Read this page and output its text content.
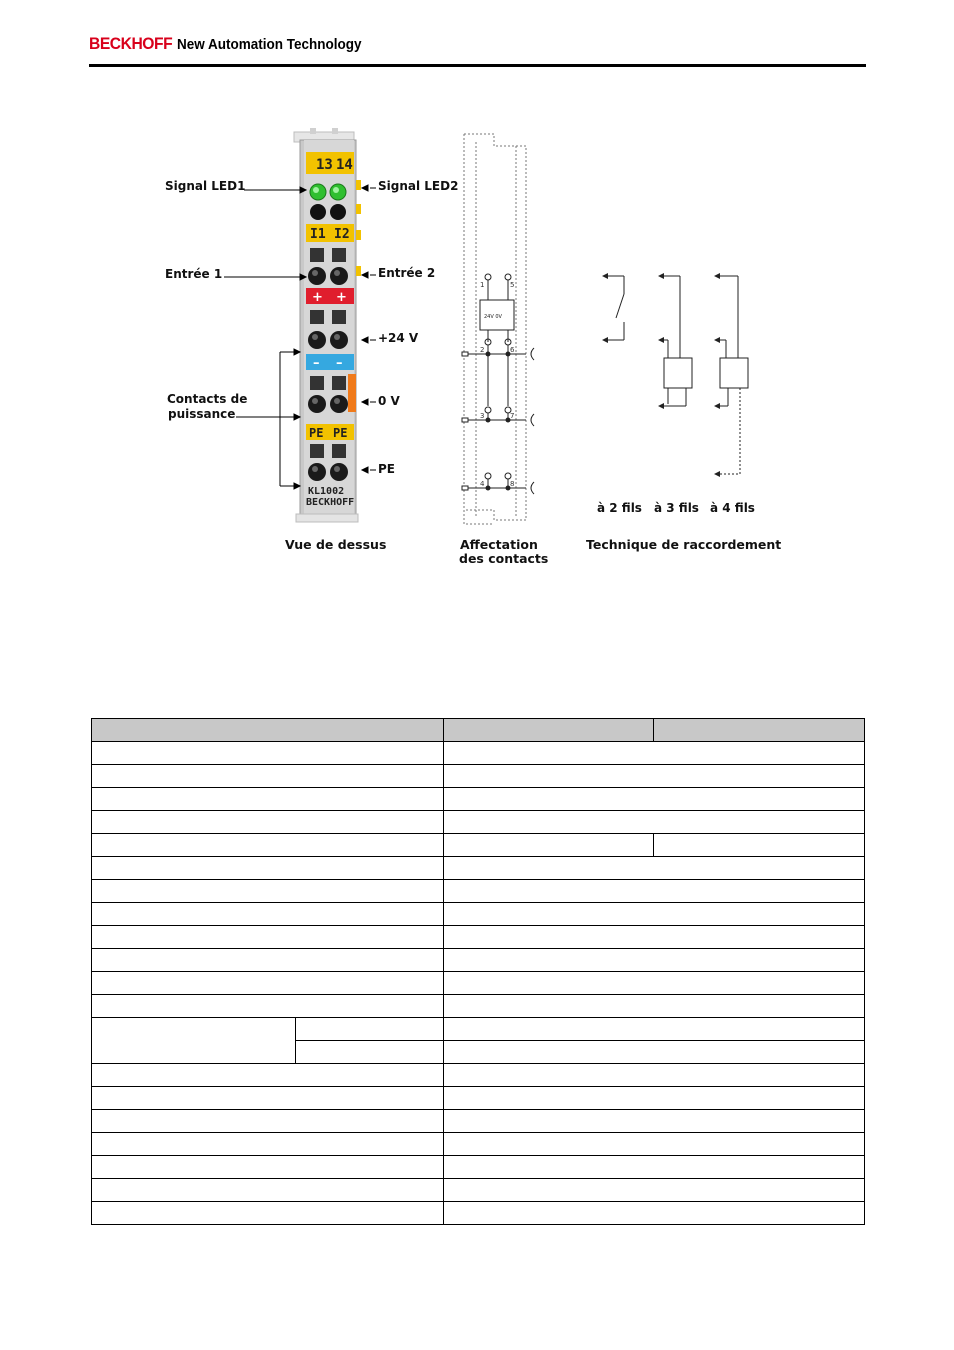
BECKHOFF New Automation Technology
13 14
I1 I2
+ +
– –
PE PE
KL1002
BECKHOFF
24V 0V
1	5
2	6
3	7
4	8
Signal LED1	Signal LED2
Entrée 1	Entrée 2
+24 V
0 V
PE
Contacts de
puissance
à 2 fils à 3 fils à 4 fils
Vue de dessus	Affectation
des contacts
Technique de raccordement
